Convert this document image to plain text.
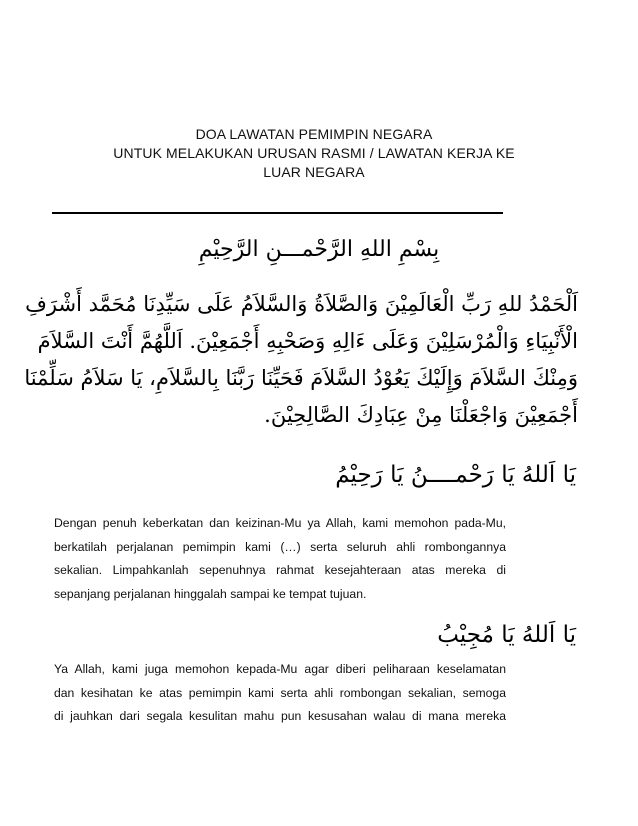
DOA LAWATAN PEMIMPIN NEGARA
UNTUK MELAKUKAN URUSAN RASMI / LAWATAN KERJA KE
LUAR NEGARA
بِسْمِ اللهِ الرَّحْمـــنِ الرَّحِيْمِ
اَلْحَمْدُ للهِ رَبِّ الْعَالَمِيْنَ وَالصَّلاَةُ وَالسَّلاَمُ عَلَى سَيِّدِنَا مُحَمَّد أَشْرَفِ
الْأَنْبِيَاءِ وَالْمُرْسَلِيْنَ وَعَلَى ءَالِهِ وَصَحْبِهِ أَجْمَعِيْنَ. اَللَّهُمَّ أَنْتَ السَّلاَمَ
وَمِنْكَ السَّلاَمَ وَإِلَيْكَ يَعُوْدُ السَّلاَمَ فَحَيِّنَا رَبَّنَا بِالسَّلاَمِ، يَا سَلاَمُ سَلِّمْنَا
أَجْمَعِيْنَ وَاجْعَلْنَا مِنْ عِبَادِكَ الصَّالِحِيْنَ.
يَا اَللهُ يَا رَحْمــــنُ يَا رَحِيْمُ
Dengan penuh keberkatan dan keizinan-Mu ya Allah, kami memohon pada-Mu,
berkatilah perjalanan pemimpin kami (…) serta seluruh ahli rombongannya
sekalian. Limpahkanlah sepenuhnya rahmat kesejahteraan atas mereka di
sepanjang perjalanan hinggalah sampai ke tempat tujuan.
يَا اَللهُ يَا مُجِيْبُ
Ya Allah, kami juga memohon kepada-Mu agar diberi peliharaan keselamatan
dan kesihatan ke atas pemimpin kami serta ahli rombongan sekalian, semoga
di jauhkan dari segala kesulitan mahu pun kesusahan walau di mana mereka
